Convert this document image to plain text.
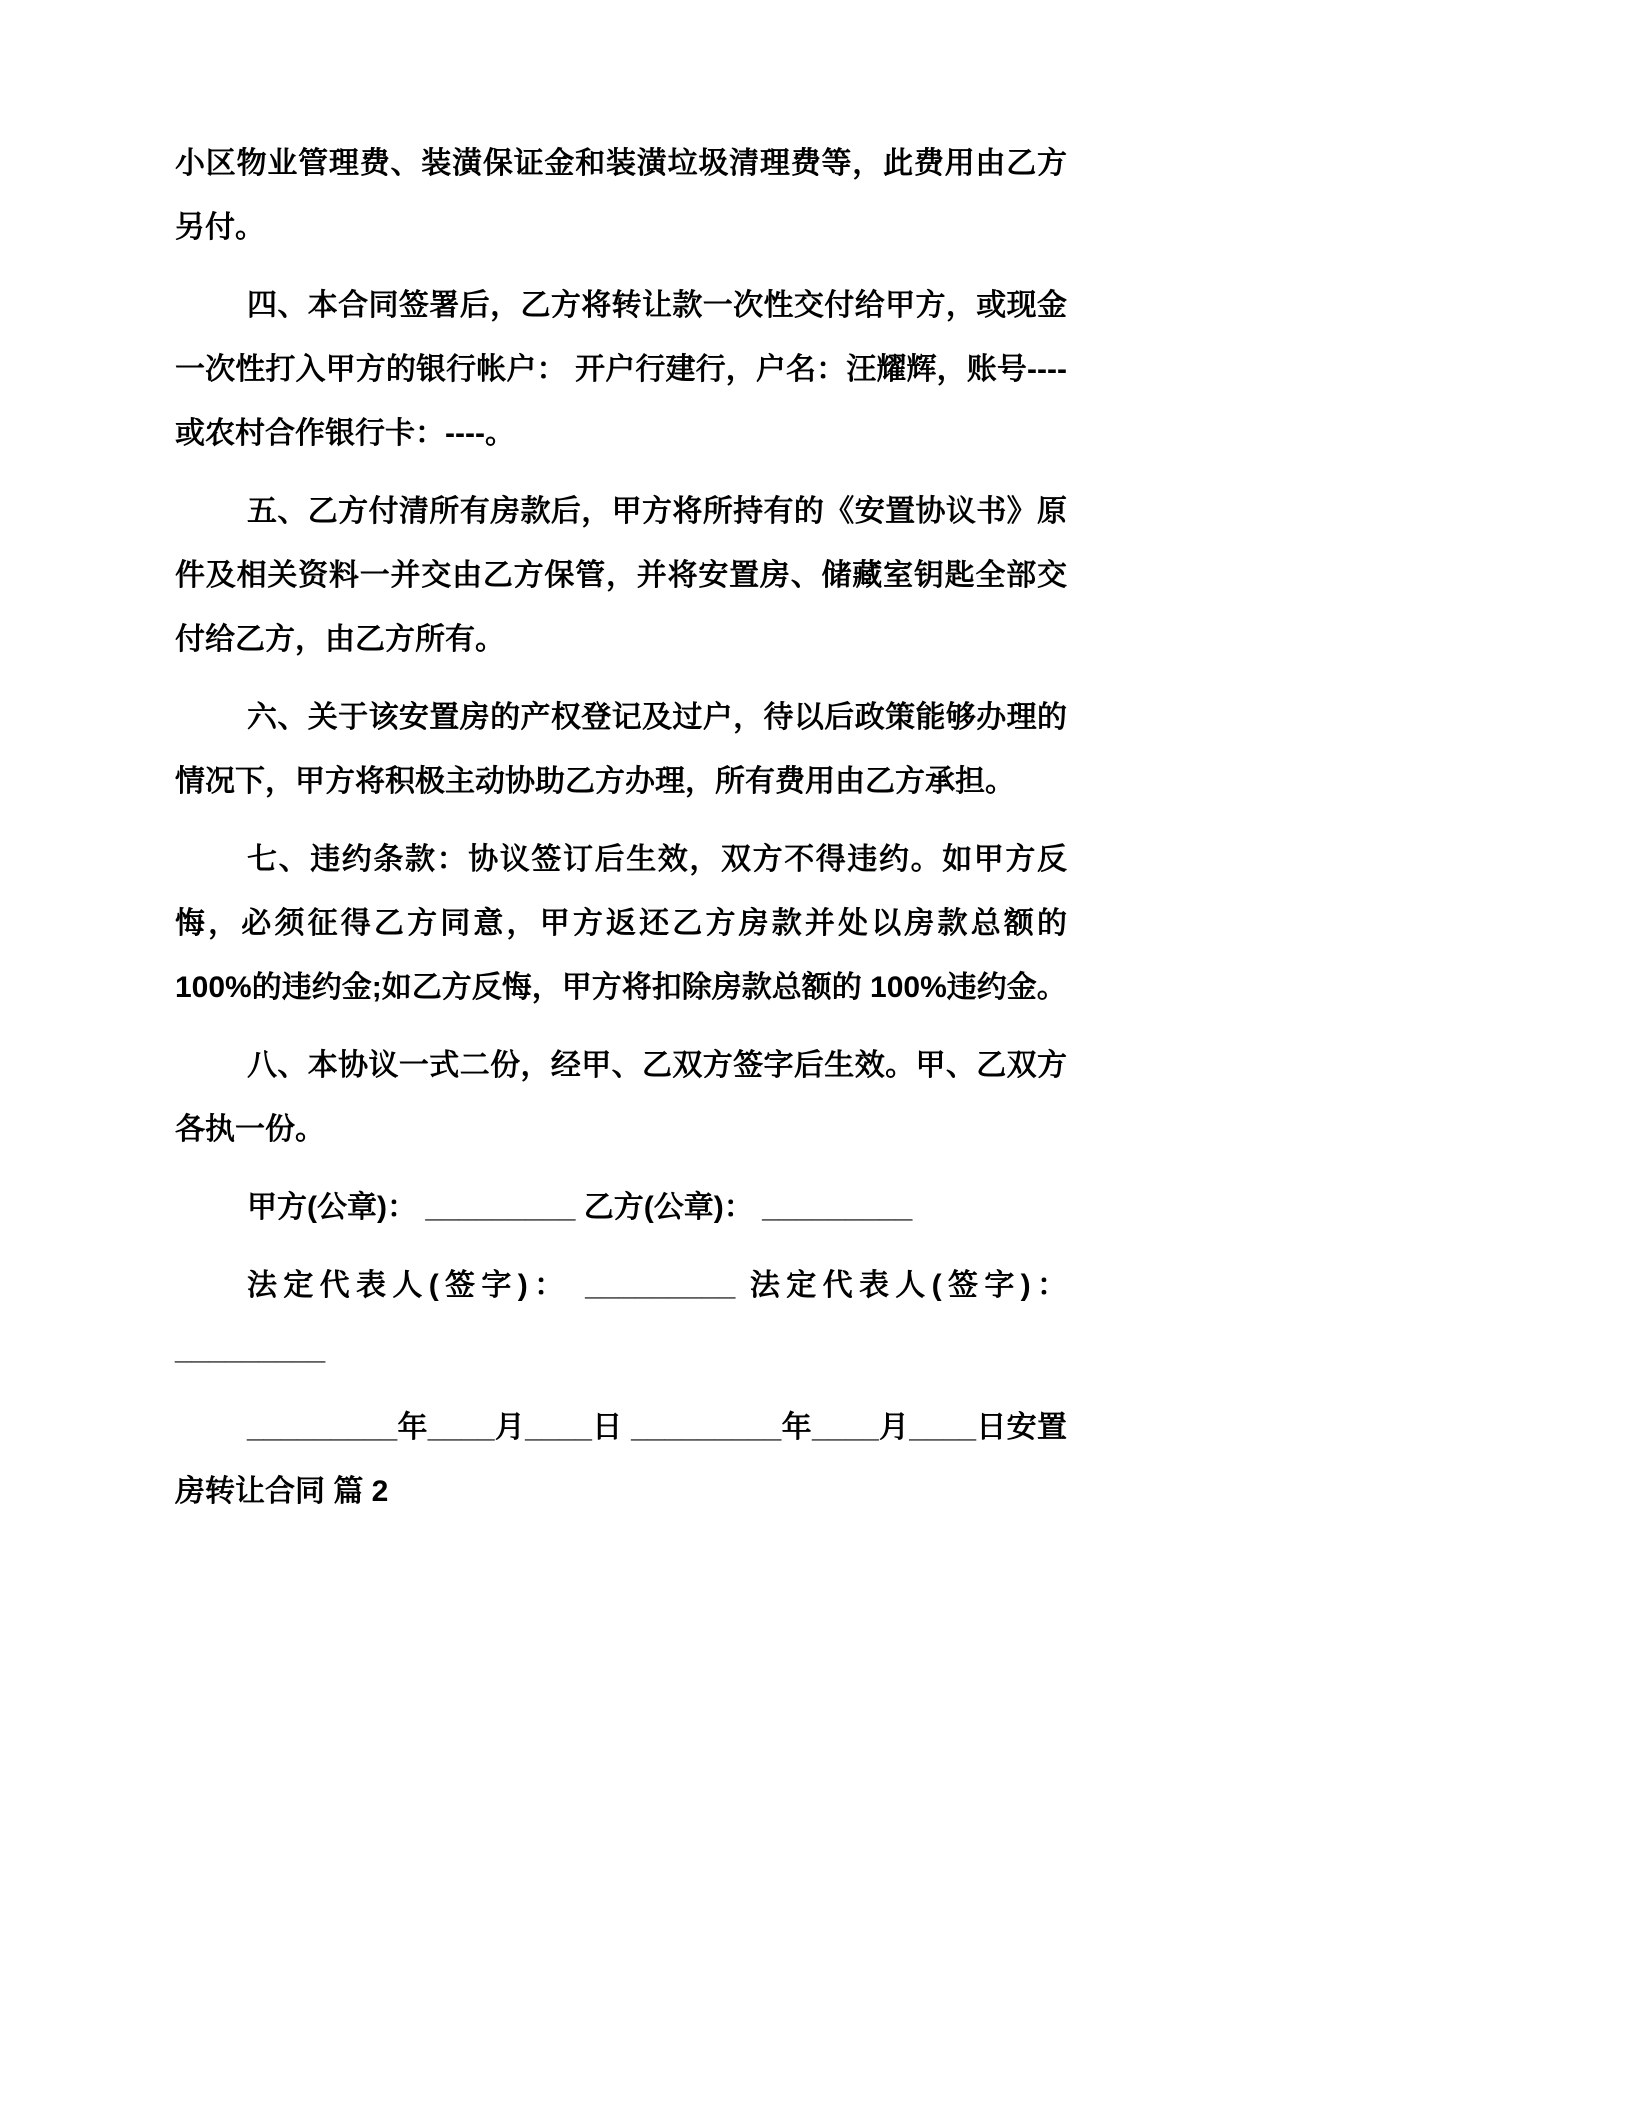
小区物业管理费、装潢保证金和装潢垃圾清理费等，此费用由乙方另付。

四、本合同签署后，乙方将转让款一次性交付给甲方，或现金一次性打入甲方的银行帐户： 开户行建行，户名：汪耀辉，账号----或农村合作银行卡：----。

五、乙方付清所有房款后，甲方将所持有的《安置协议书》原件及相关资料一并交由乙方保管，并将安置房、储藏室钥匙全部交付给乙方，由乙方所有。

六、关于该安置房的产权登记及过户，待以后政策能够办理的情况下，甲方将积极主动协助乙方办理，所有费用由乙方承担。

七、违约条款：协议签订后生效，双方不得违约。如甲方反悔，必须征得乙方同意，甲方返还乙方房款并处以房款总额的 100%的违约金;如乙方反悔，甲方将扣除房款总额的 100%违约金。

八、本协议一式二份，经甲、乙双方签字后生效。甲、乙双方各执一份。

甲方(公章)： _________ 乙方(公章)： _________

法定代表人(签字)： _________ 法定代表人(签字)： _________

_________年____月____日 _________年____月____日安置房转让合同 篇 2
